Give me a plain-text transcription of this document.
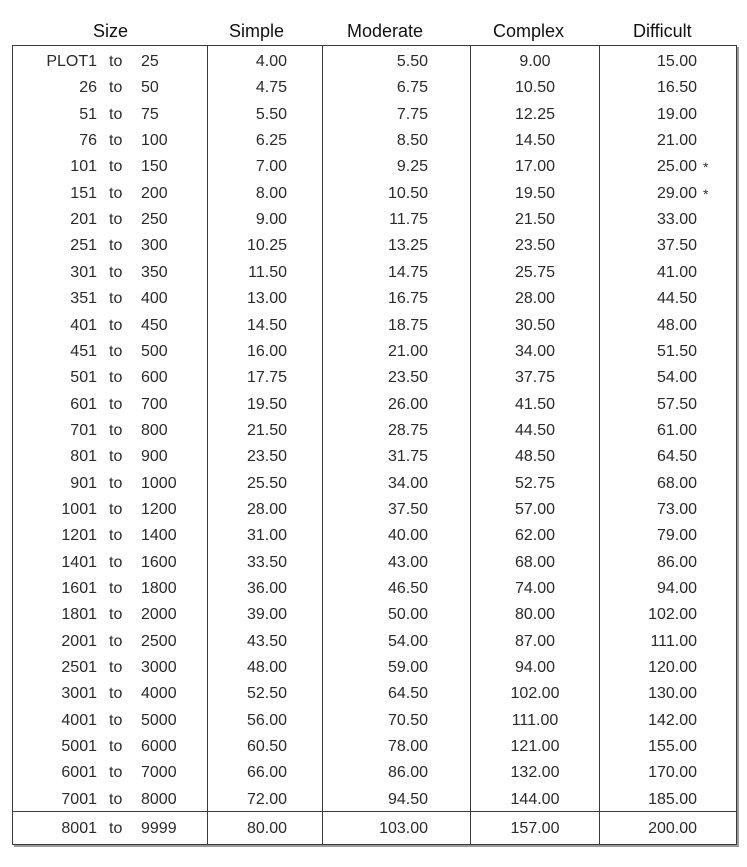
Size	Simple	Moderate	Complex	Difficult
PLOT1 to	25	4.00	5.50	9.00	15.00
26 to	50	4.75	6.75	10.50	16.50
51 to	75	5.50	7.75	12.25	19.00
76 to	100	6.25	8.50	14.50	21.00
101 to	150	7.00	9.25	17.00	25.00 *
151 to	200	8.00	10.50	19.50	29.00 *
201 to	250	9.00	11.75	21.50	33.00
251 to	300	10.25	13.25	23.50	37.50
301 to	350	11.50	14.75	25.75	41.00
351 to	400	13.00	16.75	28.00	44.50
401 to	450	14.50	18.75	30.50	48.00
451 to	500	16.00	21.00	34.00	51.50
501 to	600	17.75	23.50	37.75	54.00
601 to	700	19.50	26.00	41.50	57.50
701 to	800	21.50	28.75	44.50	61.00
801 to	900	23.50	31.75	48.50	64.50
901 to	1000	25.50	34.00	52.75	68.00
1001 to	1200	28.00	37.50	57.00	73.00
1201 to	1400	31.00	40.00	62.00	79.00
1401 to	1600	33.50	43.00	68.00	86.00
1601 to	1800	36.00	46.50	74.00	94.00
1801 to	2000	39.00	50.00	80.00	102.00
2001 to	2500	43.50	54.00	87.00	111.00
2501 to	3000	48.00	59.00	94.00	120.00
3001 to	4000	52.50	64.50	102.00	130.00
4001 to	5000	56.00	70.50	111.00	142.00
5001 to	6000	60.50	78.00	121.00	155.00
6001 to	7000	66.00	86.00	132.00	170.00
7001 to	8000	72.00	94.50	144.00	185.00
8001 to	9999	80.00	103.00	157.00	200.00
